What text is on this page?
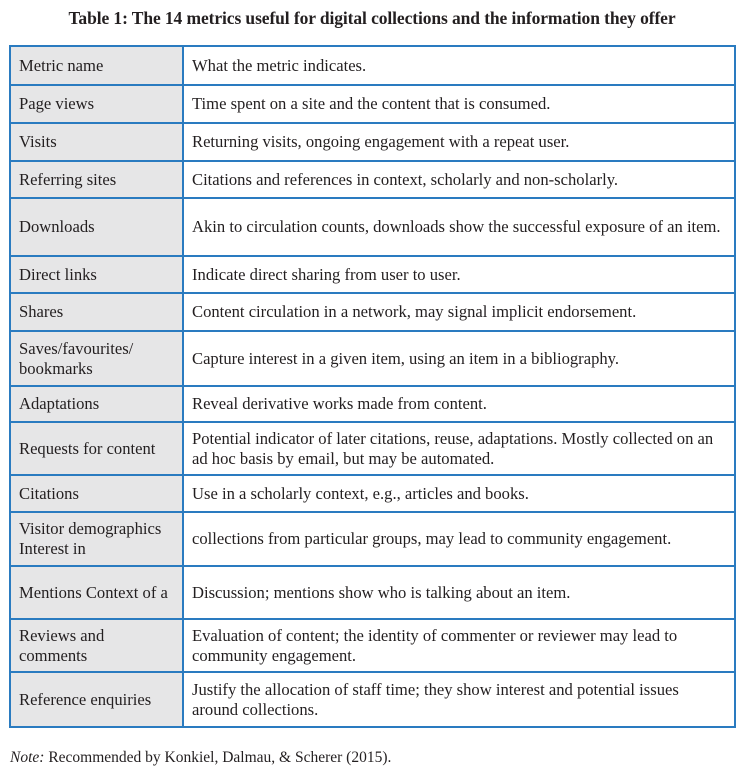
Table 1: The 14 metrics useful for digital collections and the information they offer
Metric name	What the metric indicates.
Page views	Time spent on a site and the content that is consumed.
Visits	Returning visits, ongoing engagement with a repeat user.
Referring sites	Citations and references in context, scholarly and non-scholarly.
Downloads	Akin to circulation counts, downloads show the successful exposure of an item.
Direct links	Indicate direct sharing from user to user.
Shares	Content circulation in a network, may signal implicit endorsement.
Saves/favourites/ bookmarks	Capture interest in a given item, using an item in a bibliography.
Adaptations	Reveal derivative works made from content.
Requests for content	Potential indicator of later citations, reuse, adaptations. Mostly collected on an ad hoc basis by email, but may be automated.
Citations	Use in a scholarly context, e.g., articles and books.
Visitor demographics Interest in	collections from particular groups, may lead to community engagement.
Mentions Context of a	Discussion; mentions show who is talking about an item.
Reviews and comments	Evaluation of content; the identity of commenter or reviewer may lead to community engagement.
Reference enquiries	Justify the allocation of staff time; they show interest and potential issues around collections.
Note: Recommended by Konkiel, Dalmau, & Scherer (2015).
